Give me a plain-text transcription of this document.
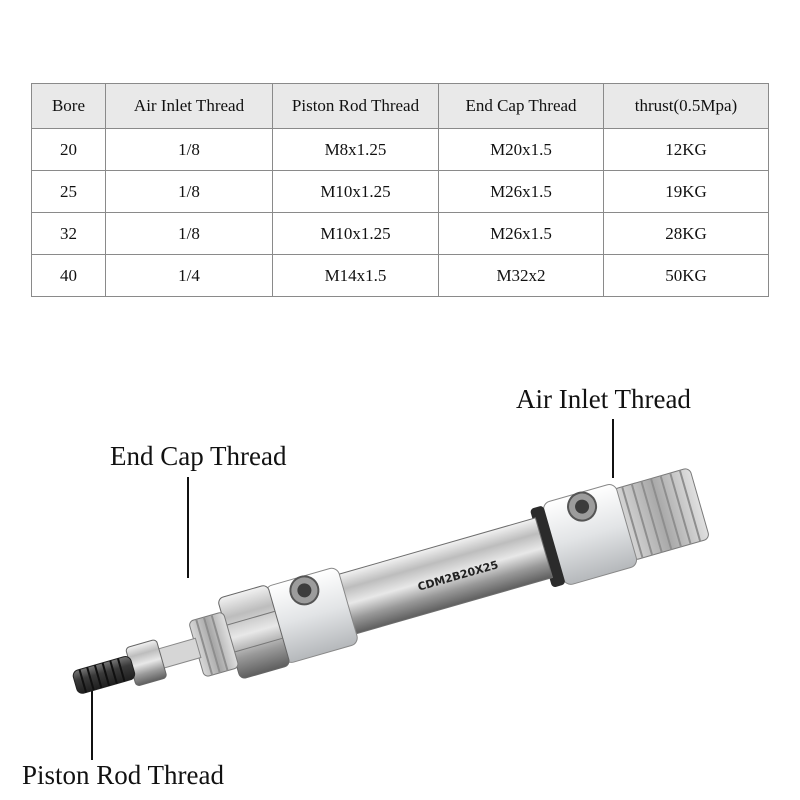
Bore	Air Inlet Thread	Piston Rod Thread	End Cap Thread	thrust(0.5Mpa)
20	1/8	M8x1.25	M20x1.5	12KG
25	1/8	M10x1.25	M26x1.5	19KG
32	1/8	M10x1.25	M26x1.5	28KG
40	1/4	M14x1.5	M32x2	50KG
CDM2B20X25
Air Inlet Thread
End Cap Thread
Piston Rod Thread
